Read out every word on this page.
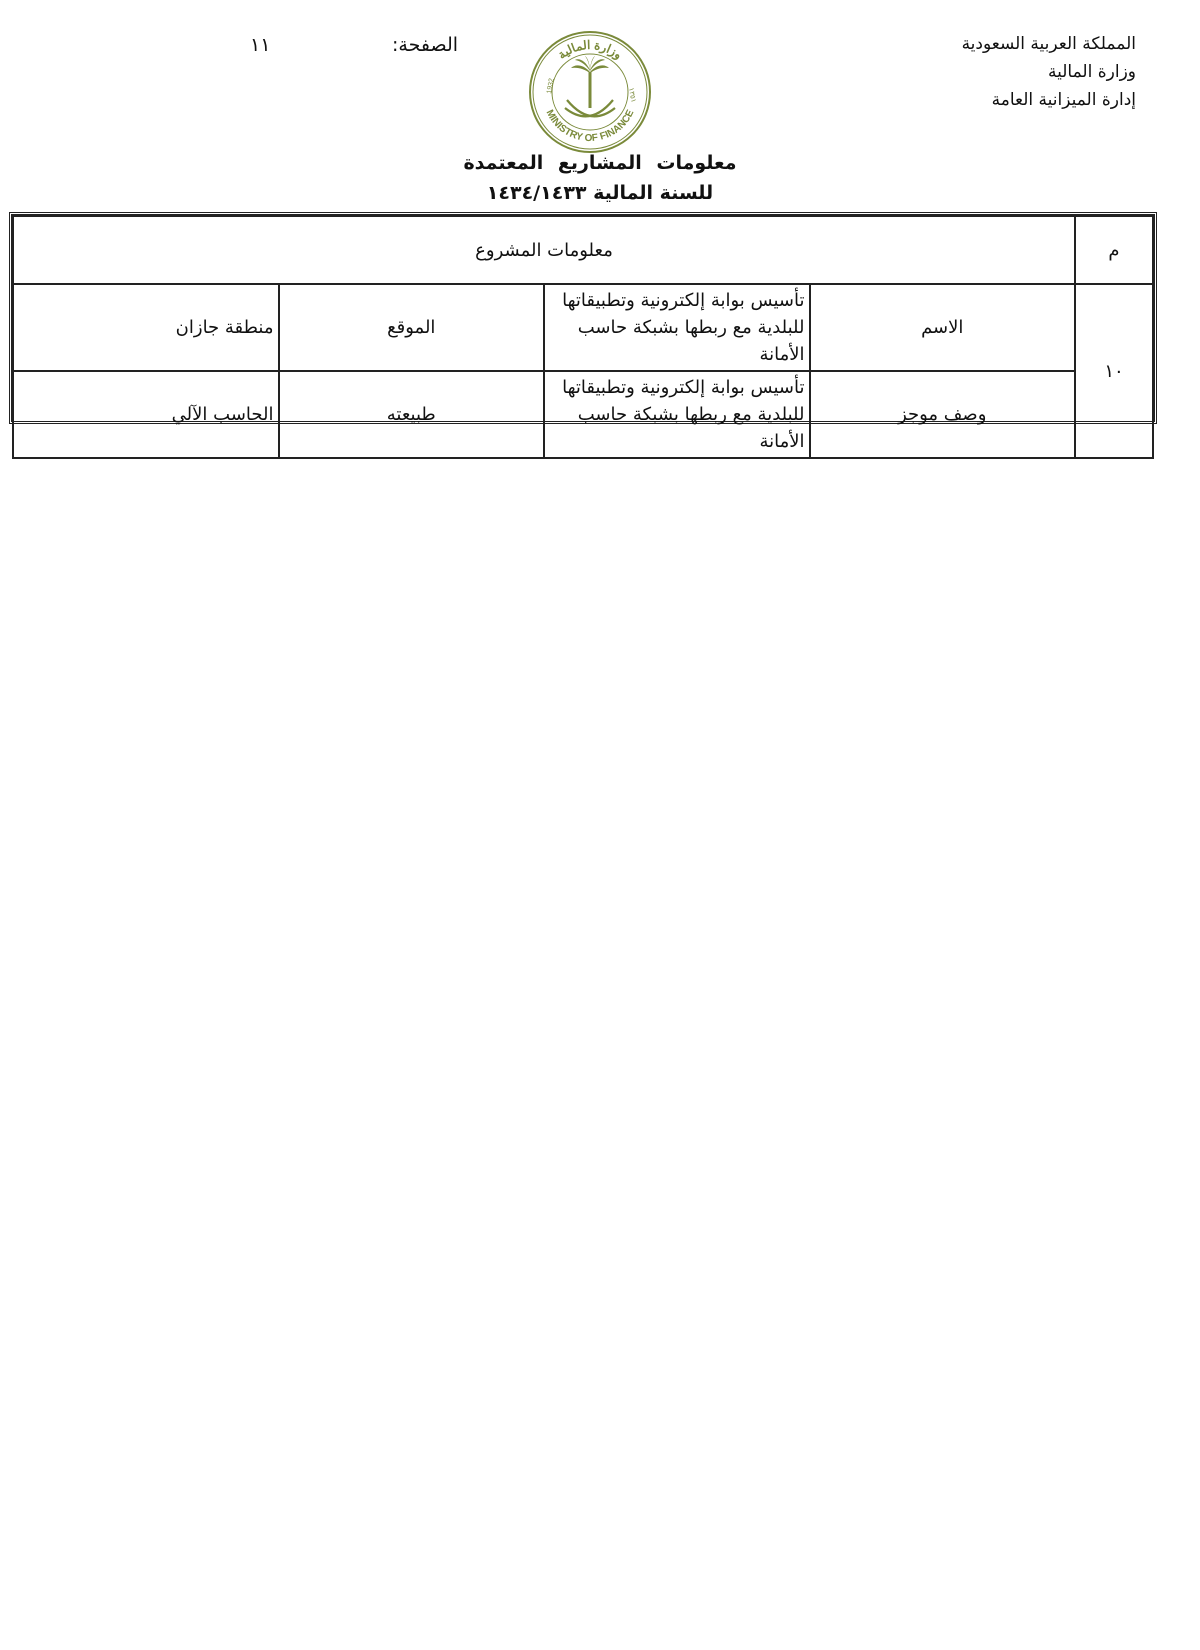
المملكة العربية السعودية
وزارة المالية
إدارة الميزانية العامة
الصفحة:
١١	وزارة المالية
MINISTRY OF FINANCE
1932
١٣٥١
معلومات المشاريع المعتمدة
للسنة المالية ١٤٣٤/١٤٣٣
م	معلومات المشروع			
١٠	الاسم	تأسيس بوابة إلكترونية وتطبيقاتها للبلدية مع ربطها بشبكة حاسب الأمانة	الموقع	منطقة جازان
	وصف موجز	تأسيس بوابة إلكترونية وتطبيقاتها للبلدية مع ربطها بشبكة حاسب الأمانة	طبيعته	الحاسب الآلي
